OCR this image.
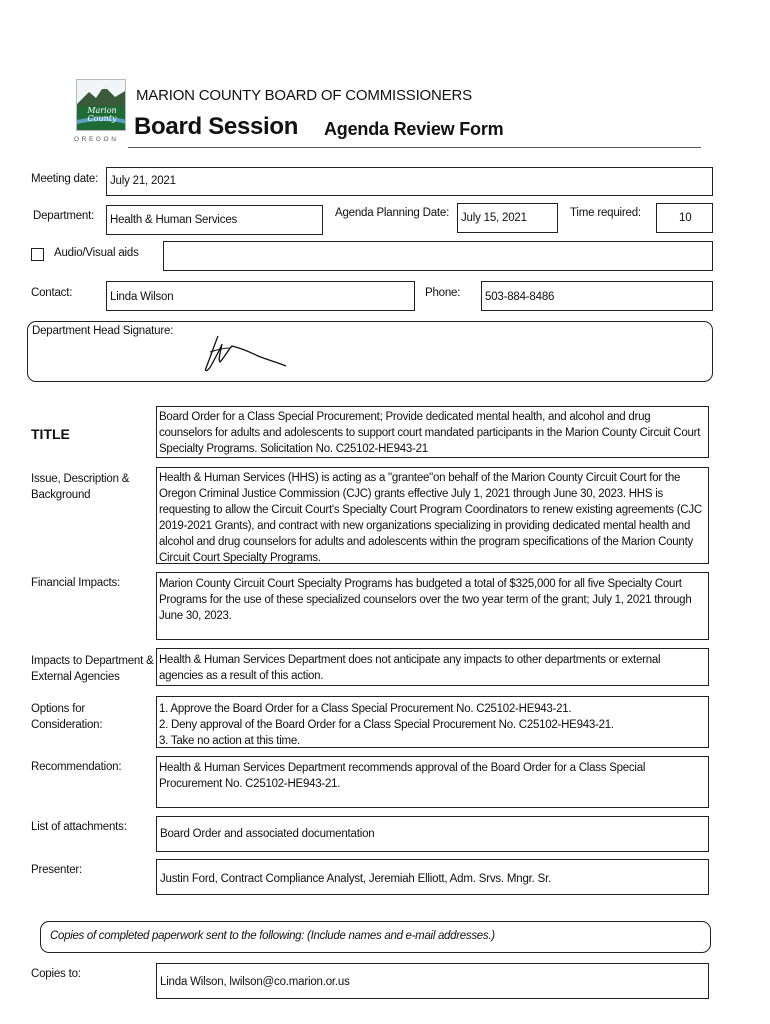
Marion County
OREGON
MARION COUNTY BOARD OF COMMISSIONERS
Board Session Agenda Review Form
Meeting date: July 21, 2021
Department: Health & Human Services
Agenda Planning Date: July 15, 2021	Time required:	10
Audio/Visual aids
Contact:	Linda Wilson	Phone: 503-884-8486
Department Head Signature:
TITLE
Board Order for a Class Special Procurement; Provide dedicated mental health, and alcohol and drug counselors for adults and adolescents to support court mandated participants in the Marion County Circuit Court Specialty Programs. Solicitation No. C25102-HE943-21
Issue, Description & Background
Health & Human Services (HHS) is acting as a "grantee"on behalf of the Marion County Circuit Court for the Oregon Criminal Justice Commission (CJC) grants effective July 1, 2021 through June 30, 2023. HHS is requesting to allow the Circuit Court's Specialty Court Program Coordinators to renew existing agreements (CJC 2019-2021 Grants), and contract with new organizations specializing in providing dedicated mental health and alcohol and drug counselors for adults and adolescents within the program specifications of the Marion County Circuit Court Specialty Programs.
Financial Impacts:	Marion County Circuit Court Specialty Programs has budgeted a total of $325,000 for all five Specialty Court Programs for the use of these specialized counselors over the two year term of the grant; July 1, 2021 through June 30, 2023.
Impacts to Department & External Agencies
Health & Human Services Department does not anticipate any impacts to other departments or external agencies as a result of this action.
Options for Consideration:
1. Approve the Board Order for a Class Special Procurement No. C25102-HE943-21.
2. Deny approval of the Board Order for a Class Special Procurement No. C25102-HE943-21.
3. Take no action at this time.
Recommendation:	Health & Human Services Department recommends approval of the Board Order for a Class Special Procurement No. C25102-HE943-21.
List of attachments:
Board Order and associated documentation
Presenter:
Justin Ford, Contract Compliance Analyst, Jeremiah Elliott, Adm. Srvs. Mngr. Sr.
Copies of completed paperwork sent to the following: (Include names and e-mail addresses.)
Copies to:
Linda Wilson, lwilson@co.marion.or.us
